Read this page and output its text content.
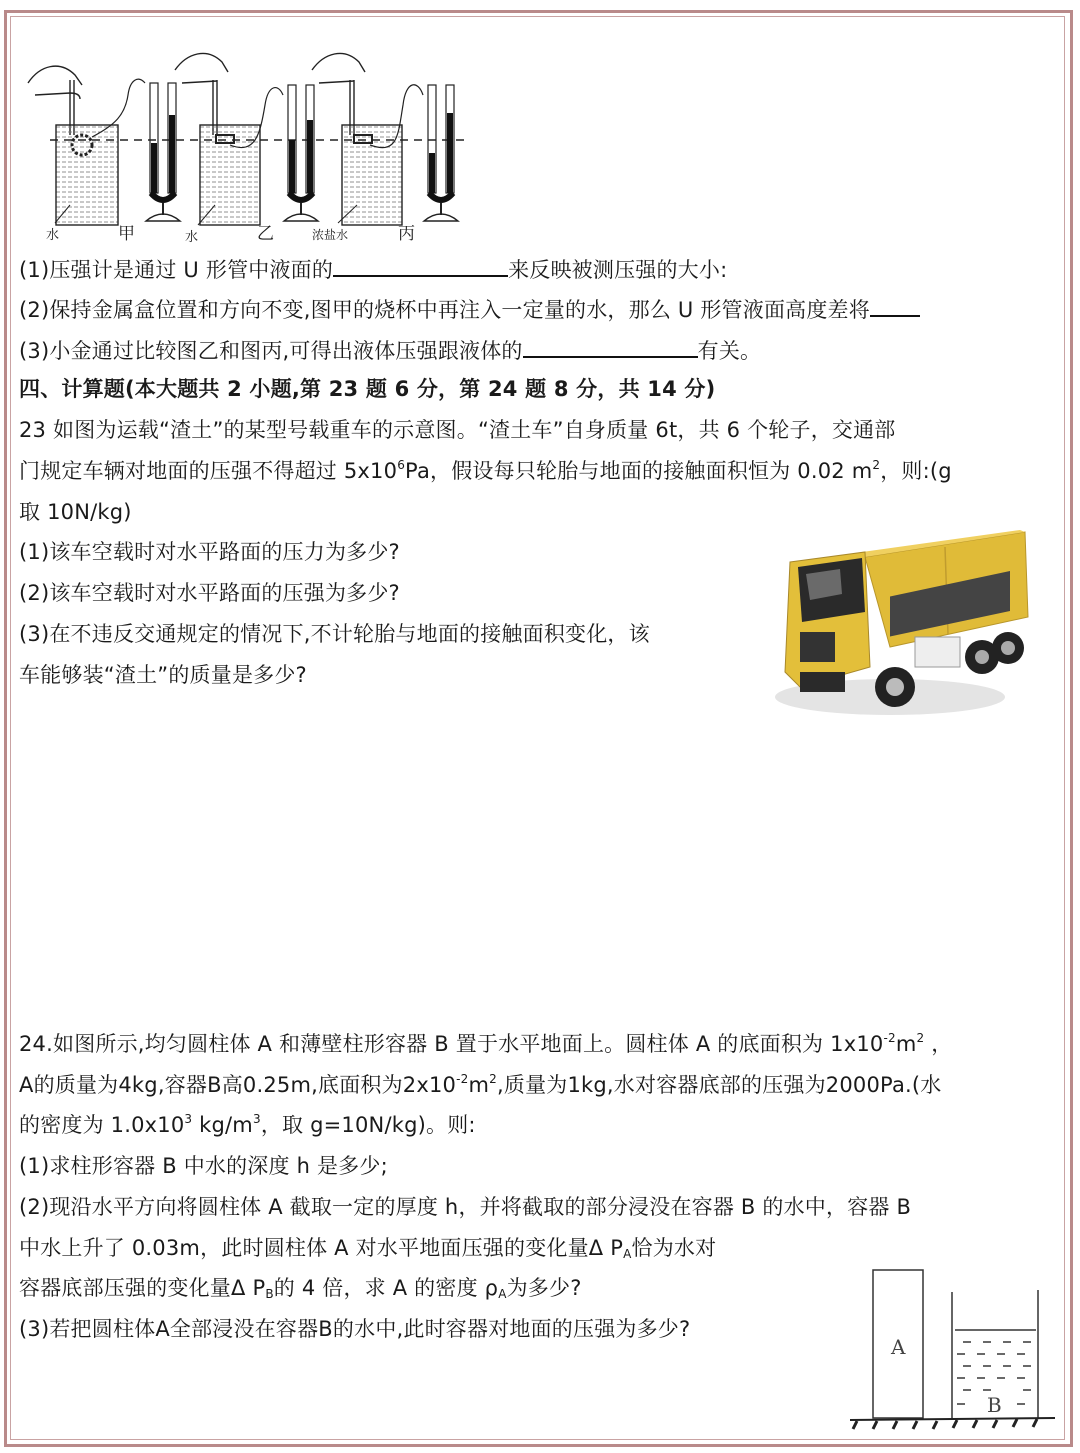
水	甲	水	乙	浓盐水	丙
(1)压强计是通过 U 形管中液面的	来反映被测压强的大小:
(2)保持金属盒位置和方向不变,图甲的烧杯中再注入一定量的水，那么 U 形管液面高度差将
(3)小金通过比较图乙和图丙,可得出液体压强跟液体的	有关。
四、计算题(本大题共 2 小题,第 23 题 6 分，第 24 题 8 分，共 14 分)
23 如图为运载“渣土”的某型号载重车的示意图。“渣土车”自身质量 6t，共 6 个轮子，交通部
门规定车辆对地面的压强不得超过 $5x10^6Pa$，假设每只轮胎与地面的接触面积恒为 0.02 $m^2$，则:(g
取 10N/kg)
(1)该车空载时对水平路面的压力为多少?
(2)该车空载时对水平路面的压强为多少?
(3)在不违反交通规定的情况下,不计轮胎与地面的接触面积变化，该
车能够装“渣土”的质量是多少?
24.如图所示,均匀圆柱体 A 和薄壁柱形容器 B 置于水平地面上。圆柱体 A 的底面积为 $1x10^{-2}m^2$ ，
A的质量为4kg,容器B高0.25m,底面积为$2x10^{-2}m^2$,质量为1kg,水对容器底部的压强为2000Pa.(水
的密度为 $1.0x10^3$ $kg/m^3$，取 g=10N/kg)。则:
(1)求柱形容器 B 中水的深度 h 是多少;
(2)现沿水平方向将圆柱体 A 截取一定的厚度 h，并将截取的部分浸没在容器 B 的水中，容器 B
中水上升了 0.03m，此时圆柱体 A 对水平地面压强的变化量Δ $P_A$恰为水对
容器底部压强的变化量Δ $P_B$的 4 倍，求 A 的密度 $\rho_A$为多少?
(3)若把圆柱体A全部浸没在容器B的水中,此时容器对地面的压强为多少?
A
B
